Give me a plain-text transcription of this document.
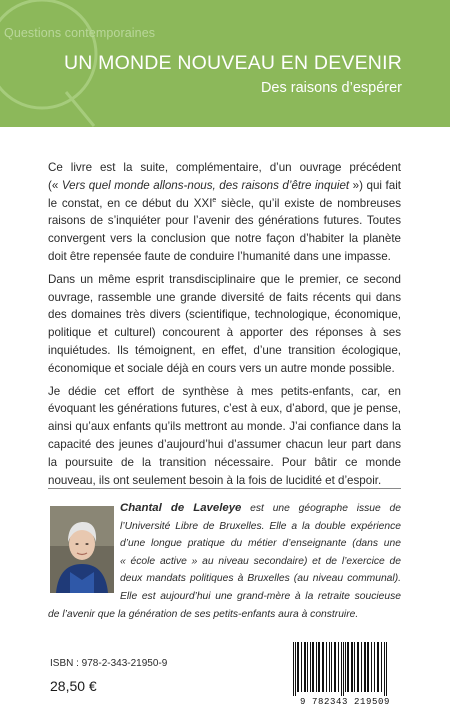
Questions contemporaines
UN MONDE NOUVEAU EN DEVENIR
Des raisons d’espérer

Ce livre est la suite, complémentaire, d’un ouvrage précédent (« Vers quel monde allons-nous, des raisons d’être inquiet ») qui fait le constat, en ce début du XXIe siècle, qu’il existe de nombreuses raisons de s’inquiéter pour l’avenir des générations futures. Toutes convergent vers la conclusion que notre façon d’habiter la planète doit être repensée faute de conduire l’humanité dans une impasse.

Dans un même esprit transdisciplinaire que le premier, ce second ouvrage, rassemble une grande diversité de faits récents qui dans des domaines très divers (scientifique, technologique, économique, politique et culturel) concourent à apporter des réponses à ses inquiétudes. Ils témoignent, en effet, d’une transition écologique, économique et sociale déjà en cours vers un autre monde possible.

Je dédie cet effort de synthèse à mes petits-enfants, car, en évoquant les générations futures, c’est à eux, d’abord, que je pense, ainsi qu’aux enfants qu’ils mettront au monde. J’ai confiance dans la capacité des jeunes d’aujourd’hui d’assumer chacun leur part dans la poursuite de la transition nécessaire. Pour bâtir ce monde nouveau, ils ont seulement besoin à la fois de lucidité et d’espoir.

Chantal de Laveleye est une géographe issue de l’Université Libre de Bruxelles. Elle a la double expérience d’une longue pratique du métier d’enseignante (dans une « école active » au niveau secondaire) et de l’exercice de deux mandats politiques à Bruxelles (au niveau communal). Elle est aujourd’hui une grand-mère à la retraite soucieuse de l’avenir que la génération de ses petits-enfants aura à construire.
ISBN : 978-2-343-21950-9
28,50 €
9 782343 219509
